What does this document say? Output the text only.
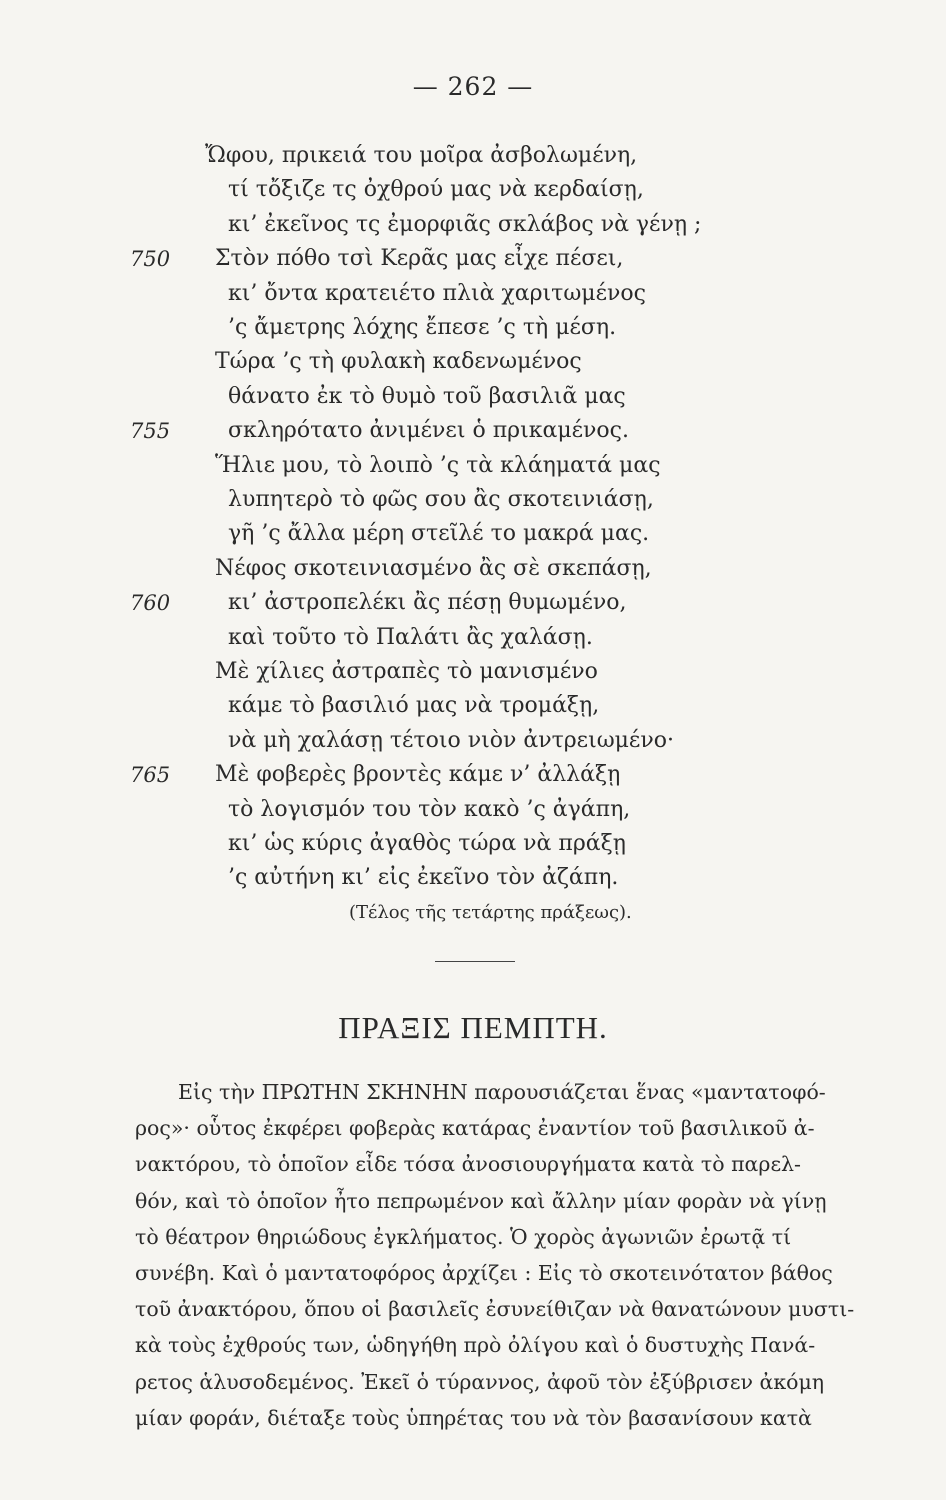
— 262 —
Ὤφου, πρικειά του μοῖρα ἀσβολωμένη,
τί τὄξιζε τς ὀχθρού μας νὰ κερδαίσῃ,
κι’ ἐκεῖνος τς ἐμορφιᾶς σκλάβος νὰ γένῃ ;
Στὸν πόθο τσὶ Κερᾶς μας εἶχε πέσει,
750
κι’ ὄντα κρατειέτο πλιὰ χαριτωμένος
’ς ἄμετρης λόχης ἔπεσε ’ς τὴ μέση.
Τώρα ’ς τὴ φυλακὴ καδενωμένος
θάνατο ἐκ τὸ θυμὸ τοῦ βασιλιᾶ μας
σκληρότατο ἀνιμένει ὁ πρικαμένος.
755
Ἥλιε μου, τὸ λοιπὸ ’ς τὰ κλάηματά μας
λυπητερὸ τὸ φῶς σου ἂς σκοτεινιάσῃ,
γῆ ’ς ἄλλα μέρη στεῖλέ το μακρά μας.
Νέφος σκοτεινιασμένο ἂς σὲ σκεπάσῃ,
κι’ ἀστροπελέκι ἂς πέσῃ θυμωμένο,
760
καὶ τοῦτο τὸ Παλάτι ἂς χαλάσῃ.
Μὲ χίλιες ἀστραπὲς τὸ μανισμένο
κάμε τὸ βασιλιό μας νὰ τρομάξῃ,
νὰ μὴ χαλάσῃ τέτοιο νιὸν ἀντρειωμένο·
Μὲ φοβερὲς βροντὲς κάμε ν’ ἀλλάξῃ
765
τὸ λογισμόν του τὸν κακὸ ’ς ἀγάπη,
κι’ ὡς κύρις ἀγαθὸς τώρα νὰ πράξῃ
’ς αὐτήνη κι’ εἰς ἐκεῖνο τὸν ἀζάπη.
(Τέλος τῆς τετάρτης πράξεως).
ΠΡΑΞΙΣ ΠΕΜΠΤΗ.
Εἰς τὴν ΠΡΩΤΗΝ ΣΚΗΝΗΝ παρουσιάζεται ἕνας «μαντατοφό-
ρος»· οὗτος ἐκφέρει φοβερὰς κατάρας ἐναντίον τοῦ βασιλικοῦ ἀ-
νακτόρου, τὸ ὁποῖον εἶδε τόσα ἀνοσιουργήματα κατὰ τὸ παρελ-
θόν, καὶ τὸ ὁποῖον ἦτο πεπρωμένον καὶ ἄλλην μίαν φορὰν νὰ γίνῃ
τὸ θέατρον θηριώδους ἐγκλήματος. Ὁ χορὸς ἀγωνιῶν ἐρωτᾷ τί
συνέβη. Καὶ ὁ μαντατοφόρος ἀρχίζει : Εἰς τὸ σκοτεινότατον βάθος
τοῦ ἀνακτόρου, ὅπου οἱ βασιλεῖς ἐσυνείθιζαν νὰ θανατώνουν μυστι-
κὰ τοὺς ἐχθρούς των, ὡδηγήθη πρὸ ὀλίγου καὶ ὁ δυστυχὴς Πανά-
ρετος ἁλυσοδεμένος. Ἐκεῖ ὁ τύραννος, ἀφοῦ τὸν ἐξύβρισεν ἀκόμη
μίαν φοράν, διέταξε τοὺς ὑπηρέτας του νὰ τὸν βασανίσουν κατὰ
